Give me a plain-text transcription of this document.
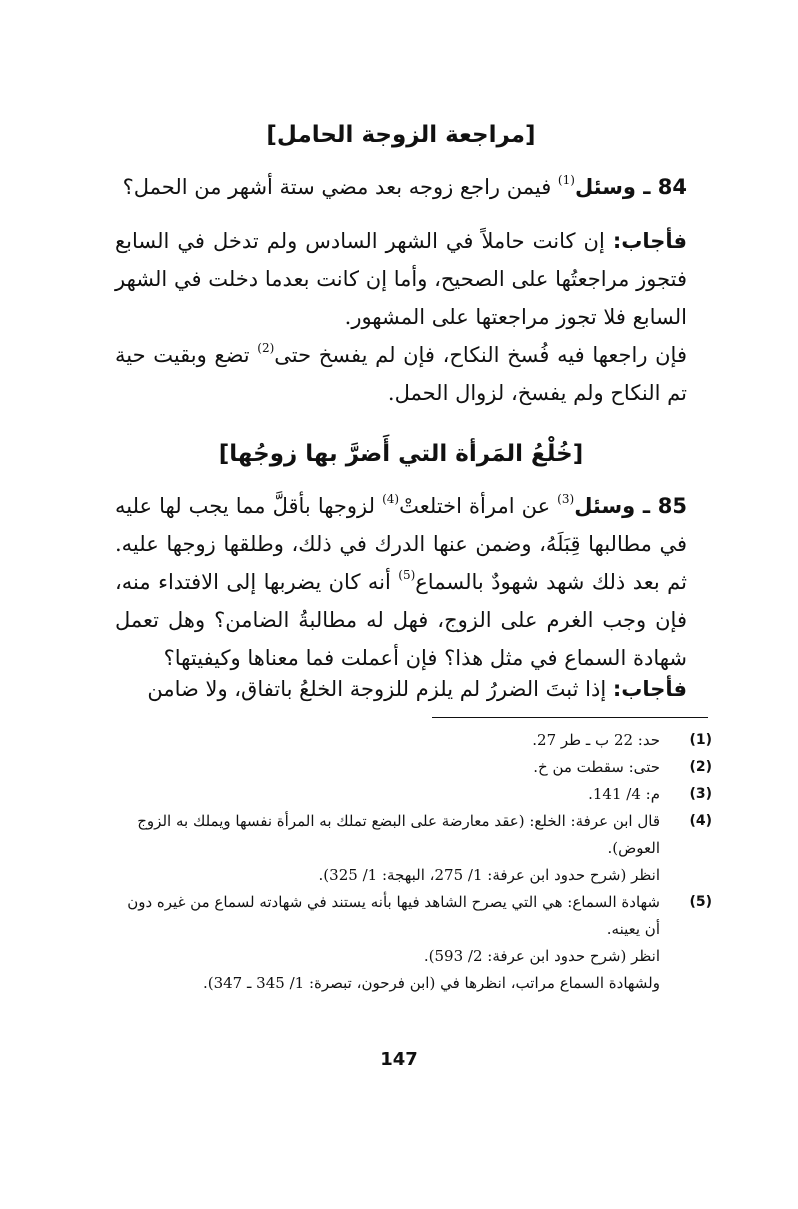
[مراجعة الزوجة الحامل]
84 ـ وسئل$^{(1)}$ فيمن راجع زوجه بعد مضي ستة أشهر من الحمل؟
فأجاب: إن كانت حاملاً في الشهر السادس ولم تدخل في السابع فتجوز مراجعتُها على الصحيح، وأما إن كانت بعدما دخلت في الشهر السابع فلا تجوز مراجعتها على المشهور.
فإن راجعها فيه فُسخ النكاح، فإن لم يفسخ حتى$^{(2)}$ تضع وبقيت حية تم النكاح ولم يفسخ، لزوال الحمل.
[خُلْعُ المَرأة التي أَضرَّ بها زوجُها]
85 ـ وسئل$^{(3)}$ عن امرأة اختلعتْ$^{(4)}$ لزوجها بأقلَّ مما يجب لها عليه في مطالبها قِبَلَهُ، وضمن عنها الدرك في ذلك، وطلقها زوجها عليه. ثم بعد ذلك شهد شهودٌ بالسماع$^{(5)}$ أنه كان يضربها إلى الافتداء منه، فإن وجب الغرم على الزوج، فهل له مطالبةُ الضامن؟ وهل تعمل شهادة السماع في مثل هذا؟ فإن أعملت فما معناها وكيفيتها؟
فأجاب: إذا ثبتَ الضررُ لم يلزم للزوجة الخلعُ باتفاق، ولا ضامن
(1)
حد: 22 ب ـ طر 27.
(2)
حتى: سقطت من خ.
(3)
م: 4/ 141.
(4)
قال ابن عرفة: الخلع: (عقد معارضة على البضع تملك به المرأة نفسها ويملك به الزوج العوض).
انظر (شرح حدود ابن عرفة: 1/ 275، البهجة: 1/ 325).
(5)
شهادة السماع: هي التي يصرح الشاهد فيها بأنه يستند في شهادته لسماع من غيره دون أن يعينه.
انظر (شرح حدود ابن عرفة: 2/ 593).
ولشهادة السماع مراتب، انظرها في (ابن فرحون، تبصرة: 1/ 345 ـ 347).
147
